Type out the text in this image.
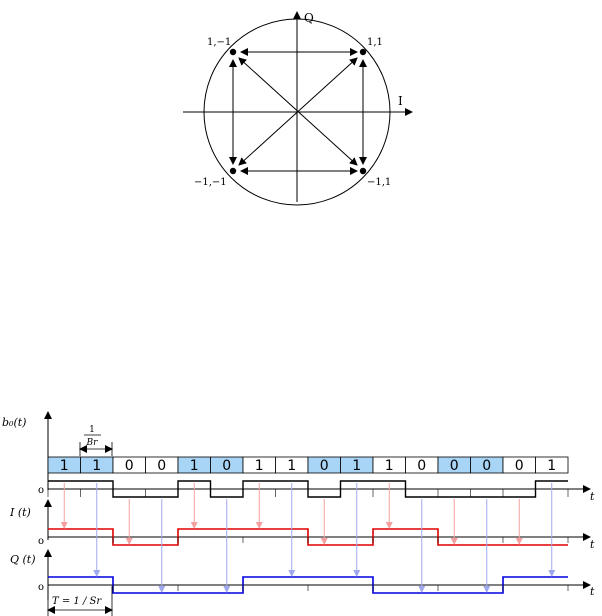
Q
I
1,−1	1,1
−1,−1	−1,1
b₀(t)
I (t)
Q (t)
o
o
o
1
Br
1 1 0 0 1 0 1 1 0 1 1 0 0 0 0 1
t
t
t
T = 1 / Sr
